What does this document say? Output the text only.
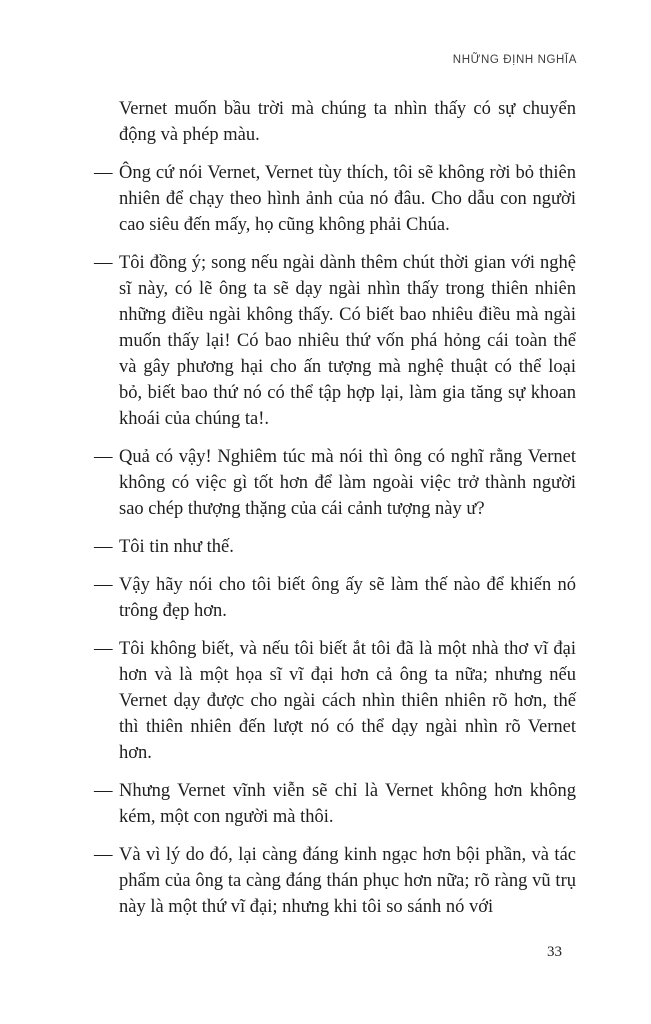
NHỮNG ĐỊNH NGHĨA

Vernet muốn bầu trời mà chúng ta nhìn thấy có sự chuyển động và phép màu.

— Ông cứ nói Vernet, Vernet tùy thích, tôi sẽ không rời bỏ thiên nhiên để chạy theo hình ảnh của nó đâu. Cho dẫu con người cao siêu đến mấy, họ cũng không phải Chúa.

— Tôi đồng ý; song nếu ngài dành thêm chút thời gian với nghệ sĩ này, có lẽ ông ta sẽ dạy ngài nhìn thấy trong thiên nhiên những điều ngài không thấy. Có biết bao nhiêu điều mà ngài muốn thấy lại! Có bao nhiêu thứ vốn phá hỏng cái toàn thể và gây phương hại cho ấn tượng mà nghệ thuật có thể loại bỏ, biết bao thứ nó có thể tập hợp lại, làm gia tăng sự khoan khoái của chúng ta!.

— Quả có vậy! Nghiêm túc mà nói thì ông có nghĩ rằng Vernet không có việc gì tốt hơn để làm ngoài việc trở thành người sao chép thượng thặng của cái cảnh tượng này ư?

— Tôi tin như thế.

— Vậy hãy nói cho tôi biết ông ấy sẽ làm thế nào để khiến nó trông đẹp hơn.

— Tôi không biết, và nếu tôi biết ắt tôi đã là một nhà thơ vĩ đại hơn và là một họa sĩ vĩ đại hơn cả ông ta nữa; nhưng nếu Vernet dạy được cho ngài cách nhìn thiên nhiên rõ hơn, thế thì thiên nhiên đến lượt nó có thể dạy ngài nhìn rõ Vernet hơn.

— Nhưng Vernet vĩnh viễn sẽ chỉ là Vernet không hơn không kém, một con người mà thôi.

— Và vì lý do đó, lại càng đáng kinh ngạc hơn bội phần, và tác phẩm của ông ta càng đáng thán phục hơn nữa; rõ ràng vũ trụ này là một thứ vĩ đại; nhưng khi tôi so sánh nó với

33
